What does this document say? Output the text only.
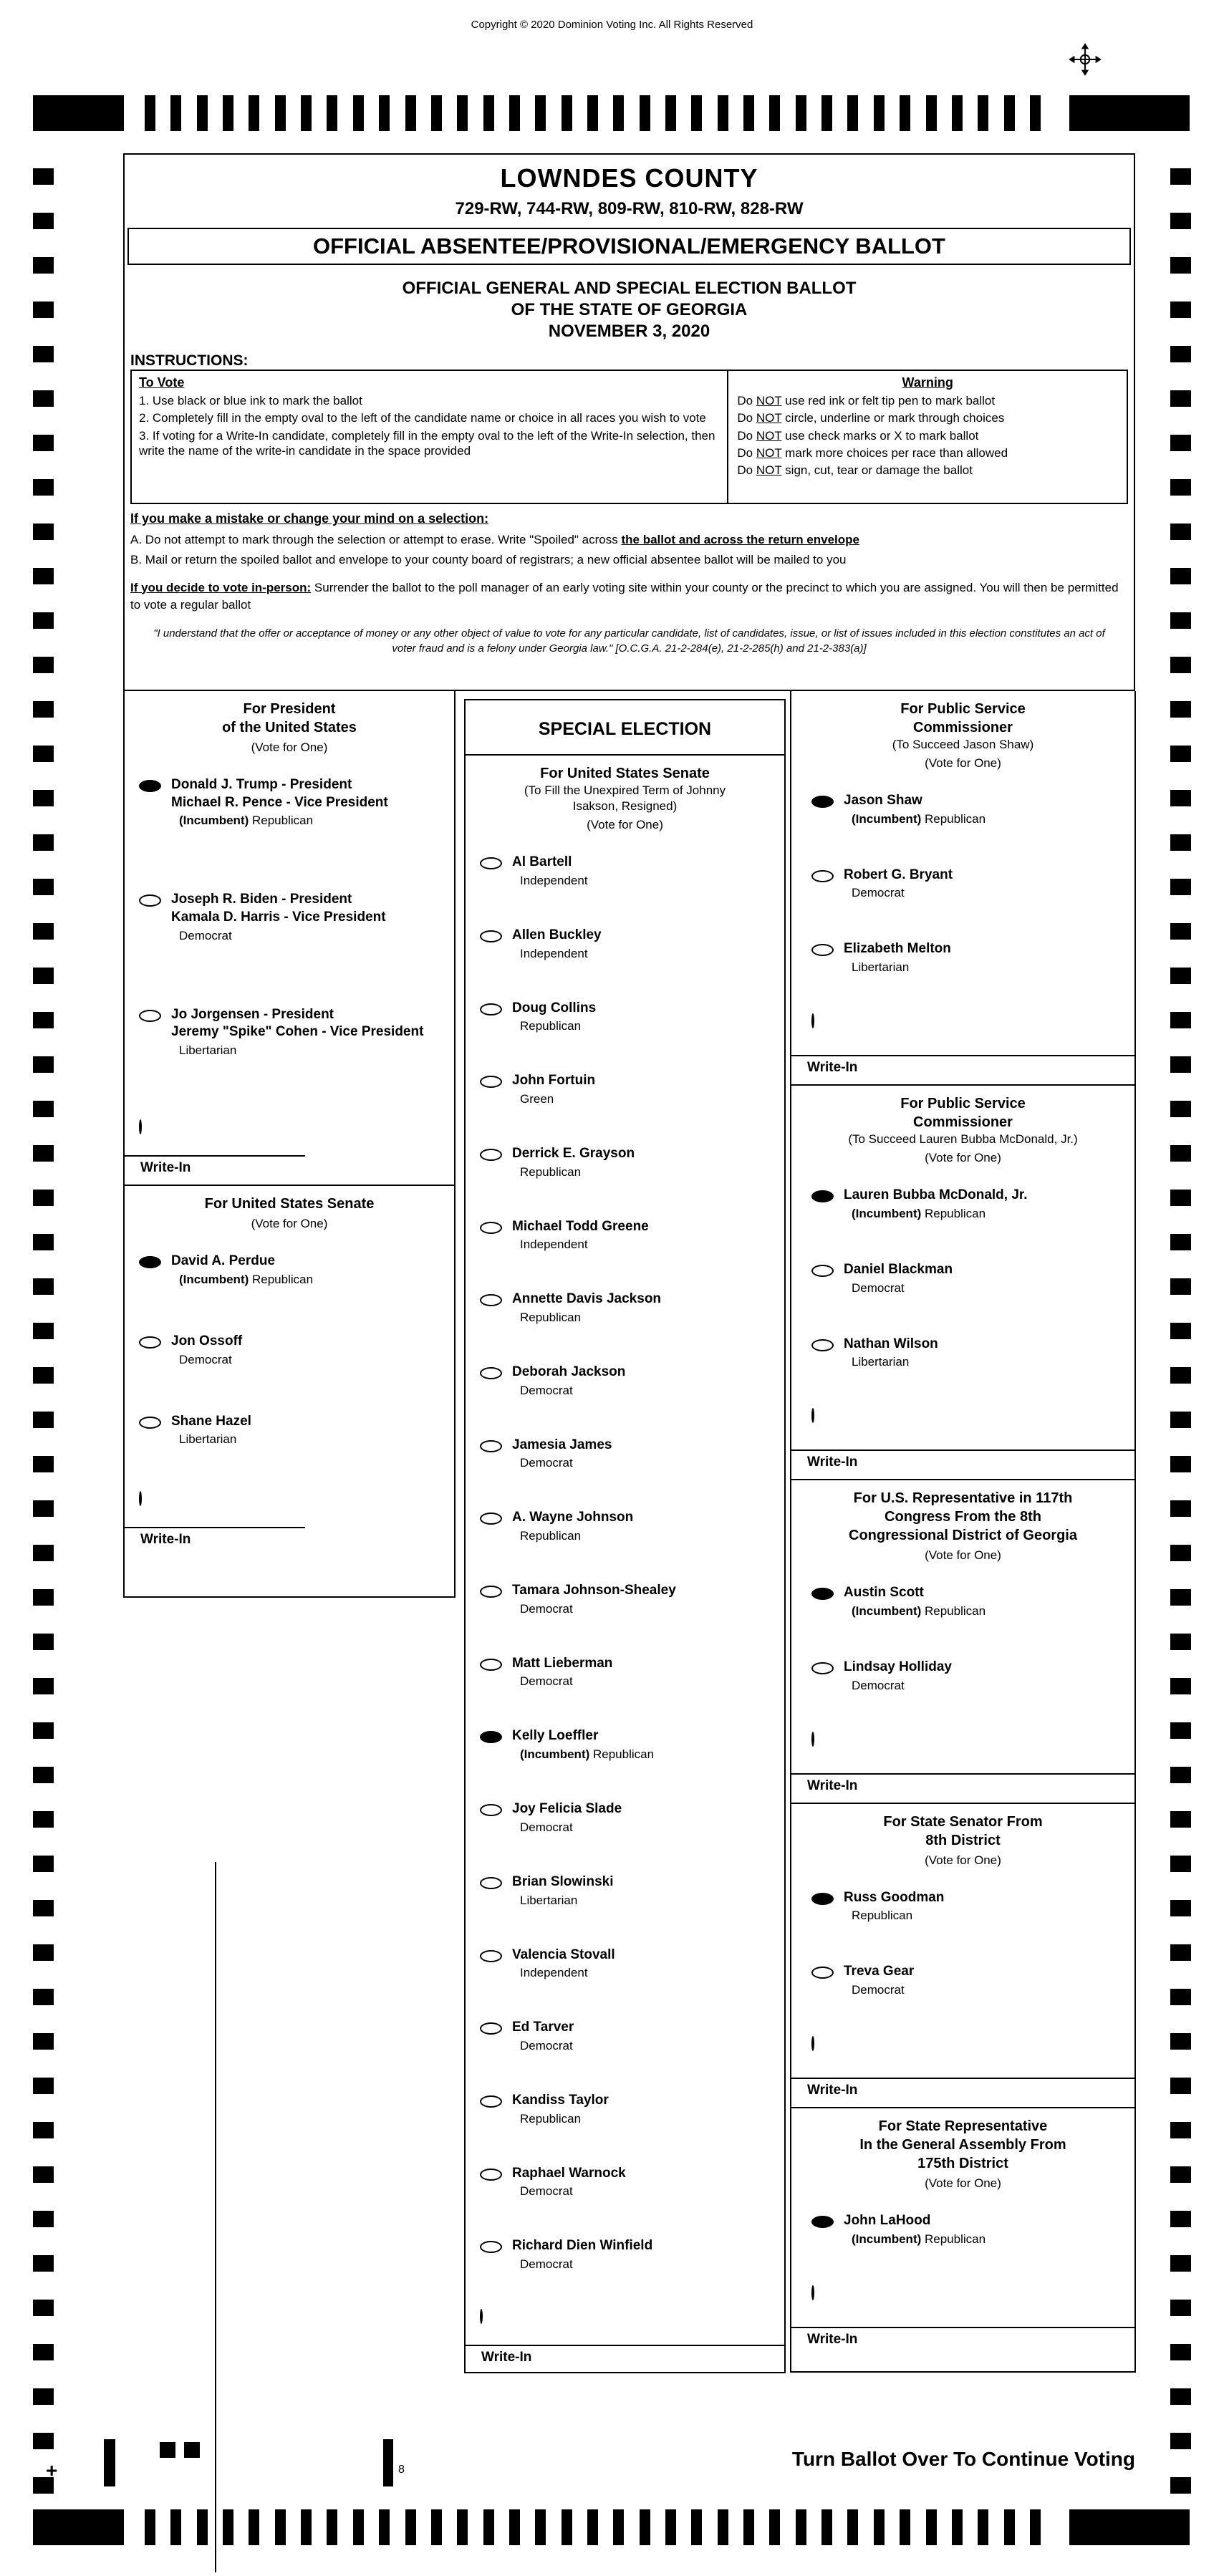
Copyright © 2020 Dominion Voting Inc. All Rights Reserved
LOWNDES COUNTY
729-RW, 744-RW, 809-RW, 810-RW, 828-RW
OFFICIAL ABSENTEE/PROVISIONAL/EMERGENCY BALLOT
OFFICIAL GENERAL AND SPECIAL ELECTION BALLOT
OF THE STATE OF GEORGIA
NOVEMBER 3, 2020
INSTRUCTIONS:
To Vote
1. Use black or blue ink to mark the ballot
2. Completely fill in the empty oval to the left of the candidate name or choice in all races you wish to vote
3. If voting for a Write-In candidate, completely fill in the empty oval to the left of the Write-In selection, then write the name of the write-in candidate in the space provided
Warning
Do NOT use red ink or felt tip pen to mark ballot
Do NOT circle, underline or mark through choices
Do NOT use check marks or X to mark ballot
Do NOT mark more choices per race than allowed
Do NOT sign, cut, tear or damage the ballot
If you make a mistake or change your mind on a selection:
A. Do not attempt to mark through the selection or attempt to erase. Write "Spoiled" across the ballot and across the return envelope
B. Mail or return the spoiled ballot and envelope to your county board of registrars; a new official absentee ballot will be mailed to you

If you decide to vote in-person: Surrender the ballot to the poll manager of an early voting site within your county or the precinct to which you are assigned. You will then be permitted to vote a regular ballot

"I understand that the offer or acceptance of money or any other object of value to vote for any particular candidate, list of candidates, issue, or list of issues included in this election constitutes an act of voter fraud and is a felony under Georgia law." [O.C.G.A. 21-2-284(e), 21-2-285(h) and 21-2-383(a)]
For President
of the United States
(Vote for One)
Donald J. Trump - President
Michael R. Pence - Vice President
(Incumbent) Republican
Joseph R. Biden - President
Kamala D. Harris - Vice President
Democrat
Jo Jorgensen - President
Jeremy "Spike" Cohen - Vice President
Libertarian
Write-In
For United States Senate
(Vote for One)
David A. Perdue
(Incumbent) Republican
Jon Ossoff
Democrat
Shane Hazel
Libertarian
Write-In
SPECIAL ELECTION
For United States Senate
(To Fill the Unexpired Term of Johnny
Isakson, Resigned)
(Vote for One)
Al Bartell
Independent
Allen Buckley
Independent
Doug Collins
Republican
John Fortuin
Green
Derrick E. Grayson
Republican
Michael Todd Greene
Independent
Annette Davis Jackson
Republican
Deborah Jackson
Democrat
Jamesia James
Democrat
A. Wayne Johnson
Republican
Tamara Johnson-Shealey
Democrat
Matt Lieberman
Democrat
Kelly Loeffler
(Incumbent) Republican
Joy Felicia Slade
Democrat
Brian Slowinski
Libertarian
Valencia Stovall
Independent
Ed Tarver
Democrat
Kandiss Taylor
Republican
Raphael Warnock
Democrat
Richard Dien Winfield
Democrat
Write-In
For Public Service
Commissioner
(To Succeed Jason Shaw)
(Vote for One)
Jason Shaw
(Incumbent) Republican
Robert G. Bryant
Democrat
Elizabeth Melton
Libertarian
Write-In
For Public Service
Commissioner
(To Succeed Lauren Bubba McDonald, Jr.)
(Vote for One)
Lauren Bubba McDonald, Jr.
(Incumbent) Republican
Daniel Blackman
Democrat
Nathan Wilson
Libertarian
Write-In
For U.S. Representative in 117th
Congress From the 8th
Congressional District of Georgia
(Vote for One)
Austin Scott
(Incumbent) Republican
Lindsay Holliday
Democrat
Write-In
For State Senator From
8th District
(Vote for One)
Russ Goodman
Republican
Treva Gear
Democrat
Write-In
For State Representative
In the General Assembly From
175th District
(Vote for One)
John LaHood
(Incumbent) Republican
Write-In
+	8	Turn Ballot Over To Continue Voting
